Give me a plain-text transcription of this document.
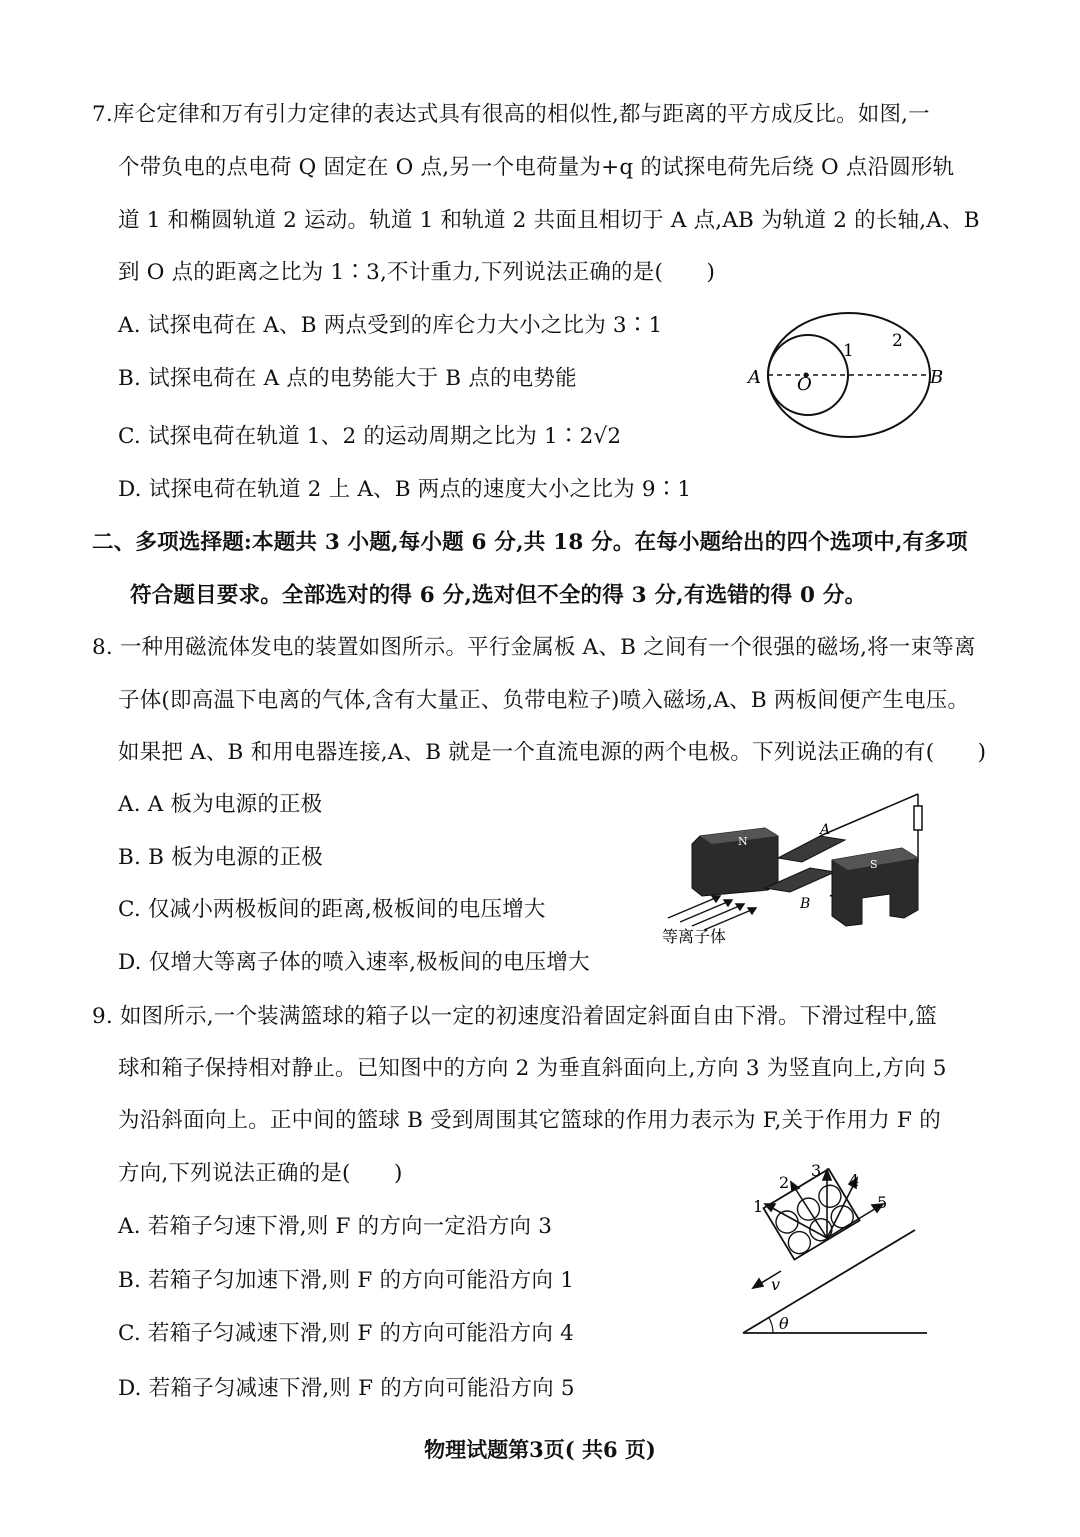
7.库仑定律和万有引力定律的表达式具有很高的相似性,都与距离的平方成反比。如图,一
个带负电的点电荷 Q 固定在 O 点,另一个电荷量为+q 的试探电荷先后绕 O 点沿圆形轨
道 1 和椭圆轨道 2 运动。轨道 1 和轨道 2 共面且相切于 A 点,AB 为轨道 2 的长轴,A、B
到 O 点的距离之比为 1∶3,不计重力,下列说法正确的是(　　)
A. 试探电荷在 A、B 两点受到的库仑力大小之比为 3∶1
B. 试探电荷在 A 点的电势能大于 B 点的电势能
C. 试探电荷在轨道 1、2 的运动周期之比为 1∶2√2
D. 试探电荷在轨道 2 上 A、B 两点的速度大小之比为 9∶1
A O
1 2
B
二、多项选择题:本题共 3 小题,每小题 6 分,共 18 分。在每小题给出的四个选项中,有多项
符合题目要求。全部选对的得 6 分,选对但不全的得 3 分,有选错的得 0 分。
8. 一种用磁流体发电的装置如图所示。平行金属板 A、B 之间有一个很强的磁场,将一束等离
子体(即高温下电离的气体,含有大量正、负带电粒子)喷入磁场,A、B 两板间便产生电压。
如果把 A、B 和用电器连接,A、B 就是一个直流电源的两个电极。下列说法正确的有(　　)
A. A 板为电源的正极
B. B 板为电源的正极
C. 仅减小两极板间的距离,极板间的电压增大
D. 仅增大等离子体的喷入速率,极板间的电压增大
N
A
B
S
等离子体
9. 如图所示,一个装满篮球的箱子以一定的初速度沿着固定斜面自由下滑。下滑过程中,篮
球和箱子保持相对静止。已知图中的方向 2 为垂直斜面向上,方向 3 为竖直向上,方向 5
为沿斜面向上。正中间的篮球 B 受到周围其它篮球的作用力表示为 F,关于作用力 F 的
方向,下列说法正确的是(　　)
A. 若箱子匀速下滑,则 F 的方向一定沿方向 3
B. 若箱子匀加速下滑,则 F 的方向可能沿方向 1
C. 若箱子匀减速下滑,则 F 的方向可能沿方向 4
D. 若箱子匀减速下滑,则 F 的方向可能沿方向 5
θ
1
2
3
4
5
v
物理试题第3页( 共6 页)
